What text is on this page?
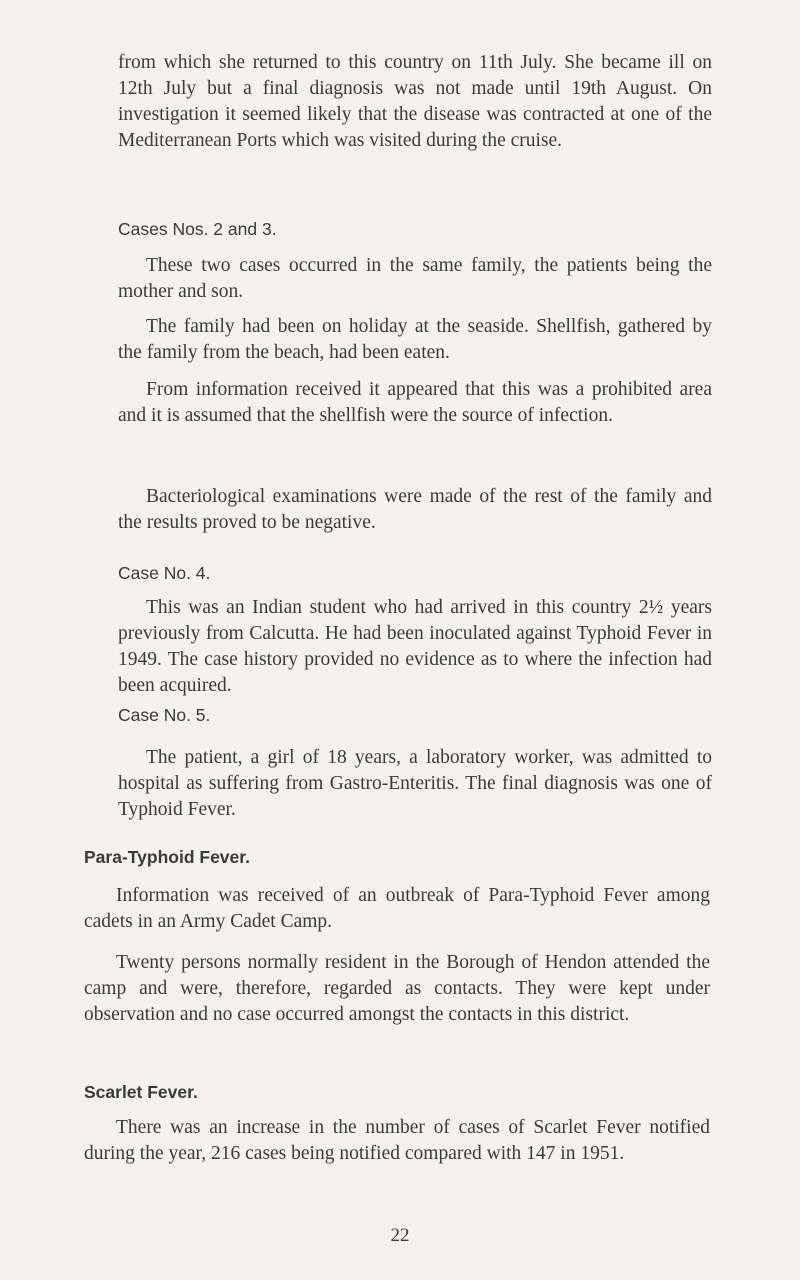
from which she returned to this country on 11th July. She became ill on 12th July but a final diagnosis was not made until 19th August. On investigation it seemed likely that the disease was contracted at one of the Mediterranean Ports which was visited during the cruise.

Cases Nos. 2 and 3.

These two cases occurred in the same family, the patients being the mother and son.

The family had been on holiday at the seaside. Shellfish, gathered by the family from the beach, had been eaten.

From information received it appeared that this was a prohibited area and it is assumed that the shellfish were the source of infection.

Bacteriological examinations were made of the rest of the family and the results proved to be negative.

Case No. 4.

This was an Indian student who had arrived in this country 2½ years previously from Calcutta. He had been inoculated against Typhoid Fever in 1949. The case history provided no evidence as to where the infection had been acquired.

Case No. 5.

The patient, a girl of 18 years, a laboratory worker, was admitted to hospital as suffering from Gastro-Enteritis. The final diagnosis was one of Typhoid Fever.

Para-Typhoid Fever.

Information was received of an outbreak of Para-Typhoid Fever among cadets in an Army Cadet Camp.

Twenty persons normally resident in the Borough of Hendon attended the camp and were, therefore, regarded as contacts. They were kept under observation and no case occurred amongst the contacts in this district.

Scarlet Fever.

There was an increase in the number of cases of Scarlet Fever notified during the year, 216 cases being notified compared with 147 in 1951.

22
